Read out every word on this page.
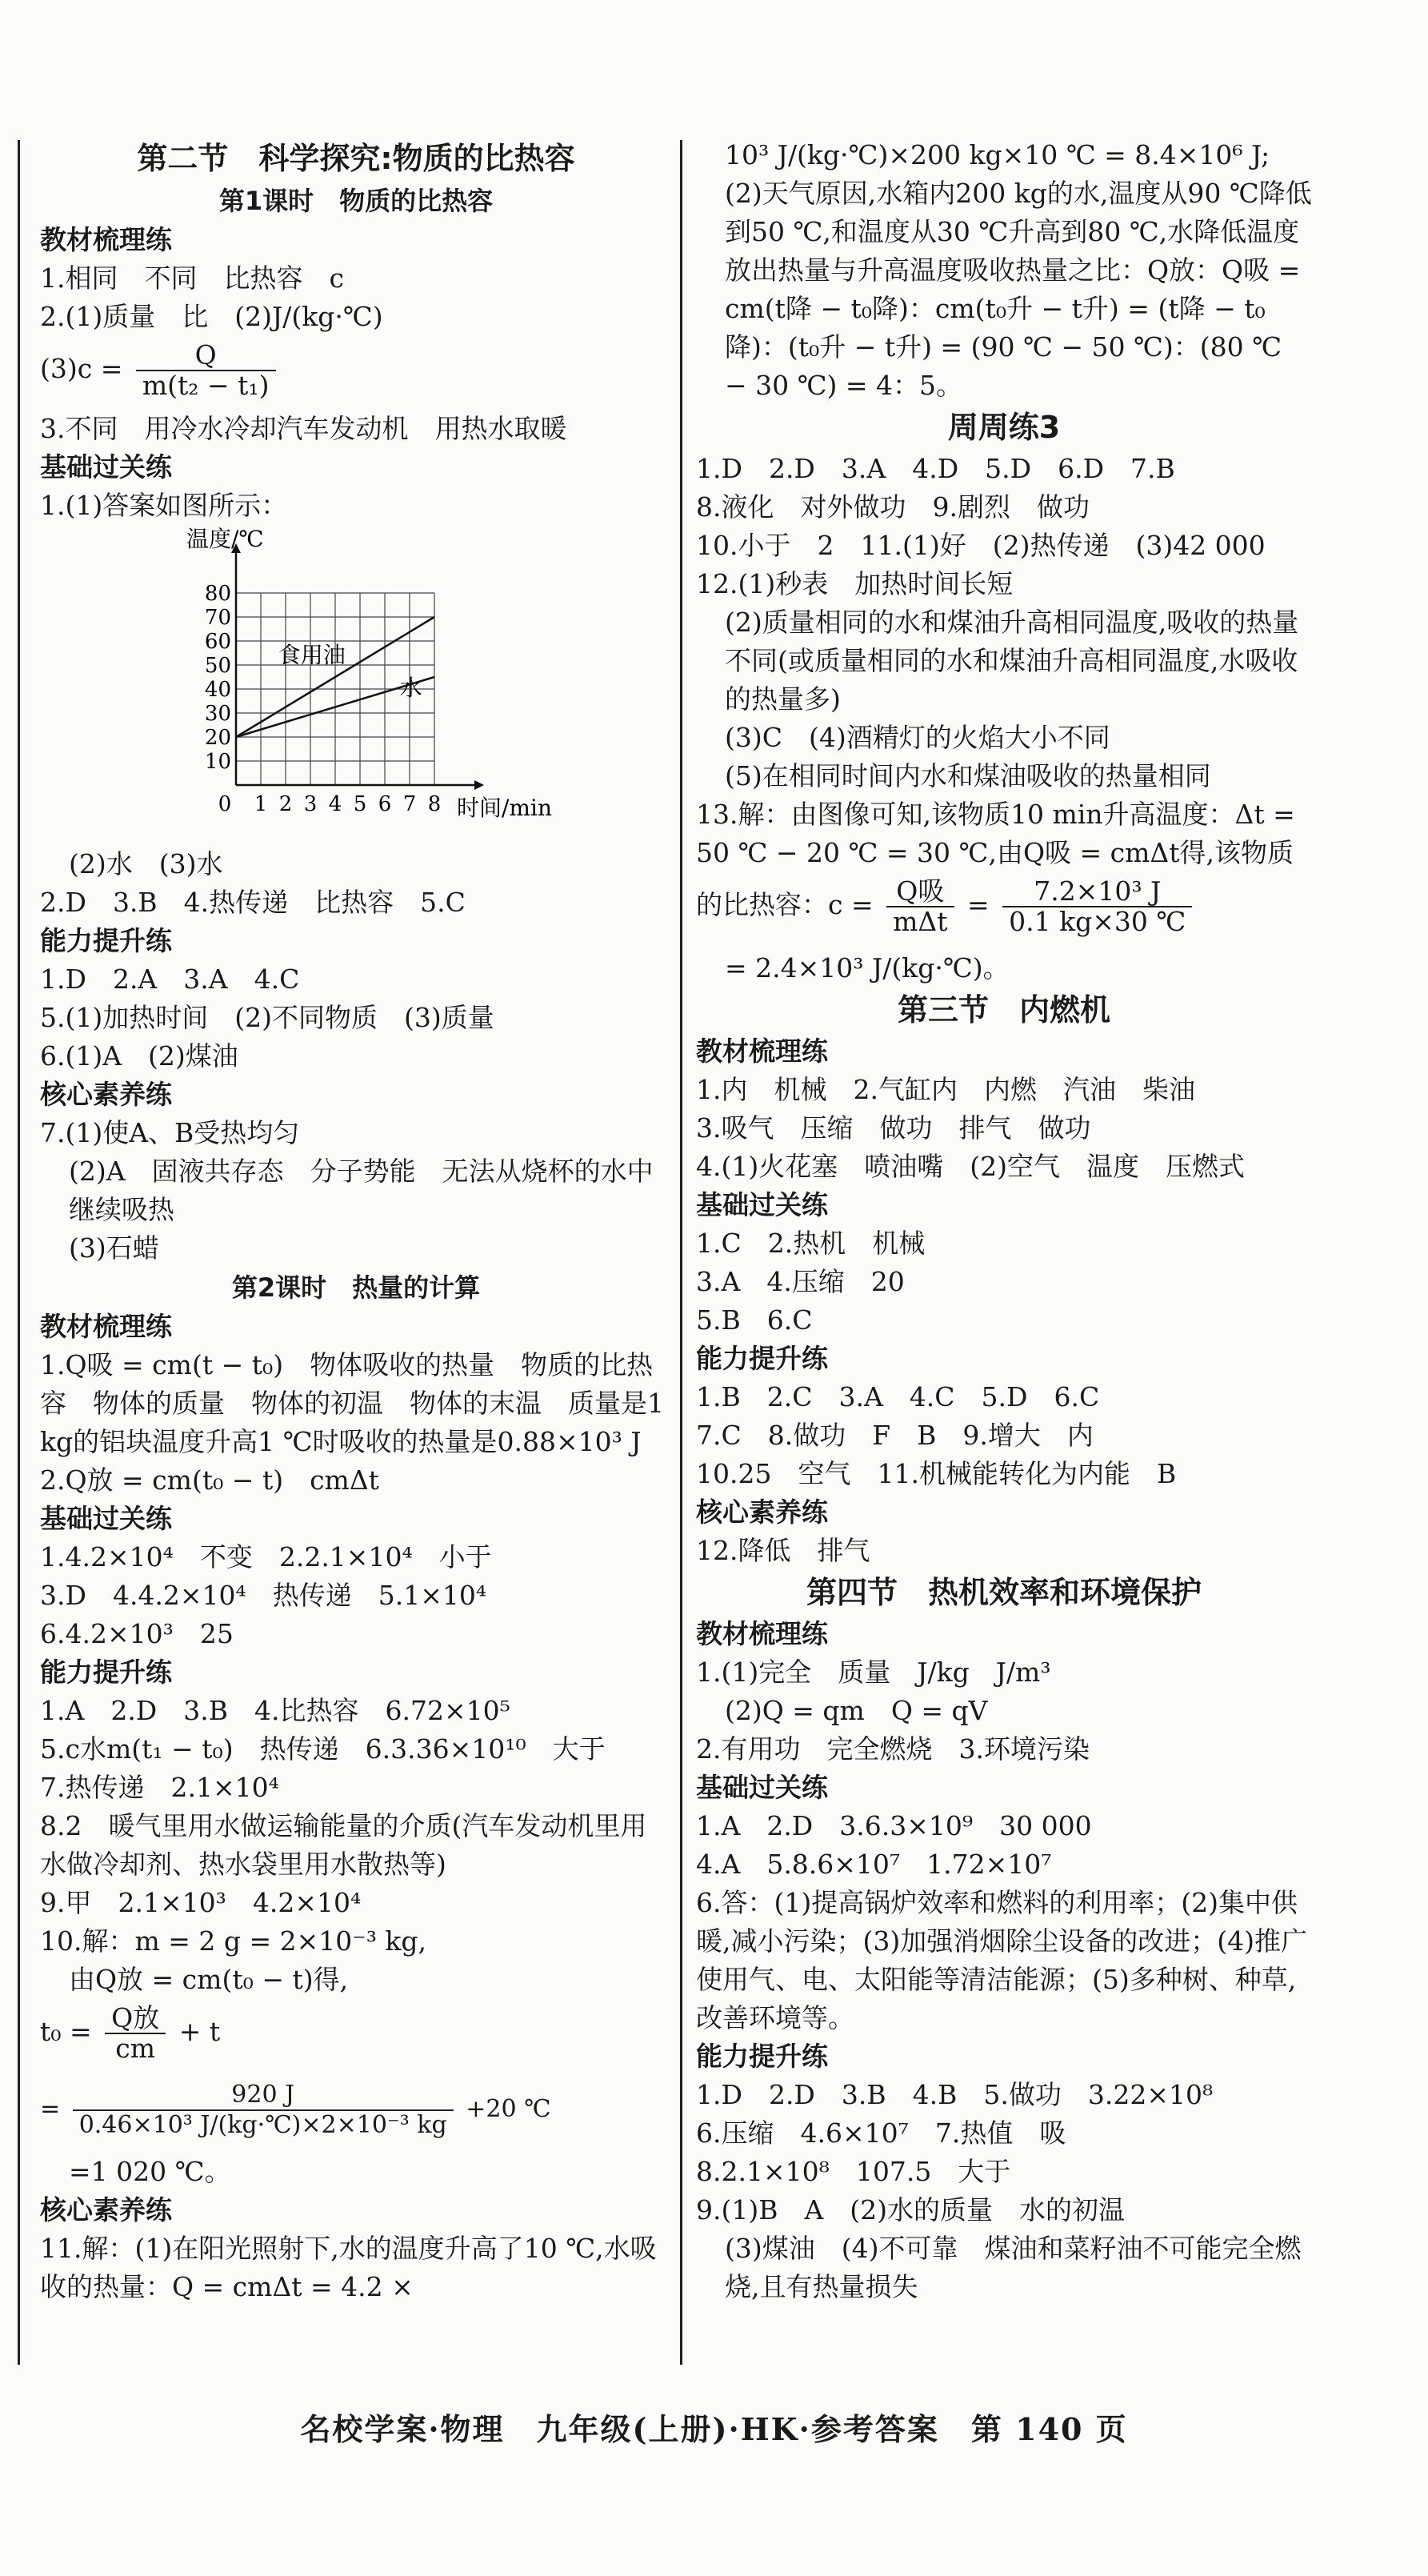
第二节　科学探究:物质的比热容
第1课时　物质的比热容
教材梳理练
1.相同　不同　比热容　c
2.(1)质量　比　(2)J/(kg·℃)
$(3)c = \frac{Q}{\text{m(t₂ − t₁)}}$
3.不同　用冷水冷却汽车发动机　用热水取暖
基础过关练
1.(1)答案如图所示：
10
20
30
40
50
60
70
80
0 1 2 3 4 5 6 7 8
温度/℃
时间/min
食用油
水
(2)水　(3)水
2.D　3.B　4.热传递　比热容　5.C
能力提升练
1.D　2.A　3.A　4.C
5.(1)加热时间　(2)不同物质　(3)质量
6.(1)A　(2)煤油
核心素养练
7.(1)使A、B受热均匀
(2)A　固液共存态　分子势能　无法从烧杯的水中继续吸热
(3)石蜡
第2课时　热量的计算
教材梳理练
1.Q吸 = cm(t − t₀)　物体吸收的热量　物质的比热容　物体的质量　物体的初温　物体的末温　质量是1 kg的铝块温度升高1 ℃时吸收的热量是0.88×10³ J
2.Q放 = cm(t₀ − t)　cmΔt
基础过关练
1.4.2×10⁴　不变　2.2.1×10⁴　小于
3.D　4.4.2×10⁴　热传递　5.1×10⁴
6.4.2×10³　25
能力提升练
1.A　2.D　3.B　4.比热容　6.72×10⁵
5.c水m(t₁ − t₀)　热传递　6.3.36×10¹⁰　大于
7.热传递　2.1×10⁴
8.2　暖气里用水做运输能量的介质(汽车发动机里用水做冷却剂、热水袋里用水散热等)
9.甲　2.1×10³　4.2×10⁴
10.解：m = 2 g = 2×10⁻³ kg,
由Q放 = cm(t₀ − t)得,
$t_0 = \frac{\text{Q放}}{cm} + t$
= $\frac{920 J}{\text{0.46×10³ J/(kg·℃)×2×10⁻³ kg}} +20$ ℃
=1 020 ℃。
核心素养练
11.解：(1)在阳光照射下,水的温度升高了10 ℃,水吸收的热量：Q = cmΔt = 4.2 ×
10³ J/(kg·℃)×200 kg×10 ℃ = 8.4×10⁶ J;
(2)天气原因,水箱内200 kg的水,温度从90 ℃降低到50 ℃,和温度从30 ℃升高到80 ℃,水降低温度放出热量与升高温度吸收热量之比：Q放：Q吸 = cm(t降 − t₀降)：cm(t₀升 − t升) = (t降 − t₀降)：(t₀升 − t升) = (90 ℃ − 50 ℃)：(80 ℃ − 30 ℃) = 4：5。
周周练3
1.D　2.D　3.A　4.D　5.D　6.D　7.B
8.液化　对外做功　9.剧烈　做功
10.小于　2　11.(1)好　(2)热传递　(3)42 000
12.(1)秒表　加热时间长短
(2)质量相同的水和煤油升高相同温度,吸收的热量不同(或质量相同的水和煤油升高相同温度,水吸收的热量多)
(3)C　(4)酒精灯的火焰大小不同
(5)在相同时间内水和煤油吸收的热量相同
13.解：由图像可知,该物质10 min升高温度：Δt = 50 ℃ − 20 ℃ = 30 ℃,由Q吸 = cmΔt得,该物质
的比热容：$c = \frac{\text{Q吸}}{\text{mΔt}} = \frac{\text{7.2×10³ J}}{0.1 kg\times 30 ℃}$
= 2.4×10³ J/(kg·℃)。
第三节　内燃机
教材梳理练
1.内　机械　2.气缸内　内燃　汽油　柴油
3.吸气　压缩　做功　排气　做功
4.(1)火花塞　喷油嘴　(2)空气　温度　压燃式
基础过关练
1.C　2.热机　机械
3.A　4.压缩　20
5.B　6.C
能力提升练
1.B　2.C　3.A　4.C　5.D　6.C
7.C　8.做功　F　B　9.增大　内
10.25　空气　11.机械能转化为内能　B
核心素养练
12.降低　排气
第四节　热机效率和环境保护
教材梳理练
1.(1)完全　质量　J/kg　J/m³
(2)Q = qm　Q = qV
2.有用功　完全燃烧　3.环境污染
基础过关练
1.A　2.D　3.6.3×10⁹　30 000
4.A　5.8.6×10⁷　1.72×10⁷
6.答：(1)提高锅炉效率和燃料的利用率；(2)集中供暖,减小污染；(3)加强消烟除尘设备的改进；(4)推广使用气、电、太阳能等清洁能源；(5)多种树、种草,改善环境等。
能力提升练
1.D　2.D　3.B　4.B　5.做功　3.22×10⁸
6.压缩　4.6×10⁷　7.热值　吸
8.2.1×10⁸　107.5　大于
9.(1)B　A　(2)水的质量　水的初温
(3)煤油　(4)不可靠　煤油和菜籽油不可能完全燃烧,且有热量损失
名校学案·物理　九年级(上册)·HK·参考答案　第 140 页
